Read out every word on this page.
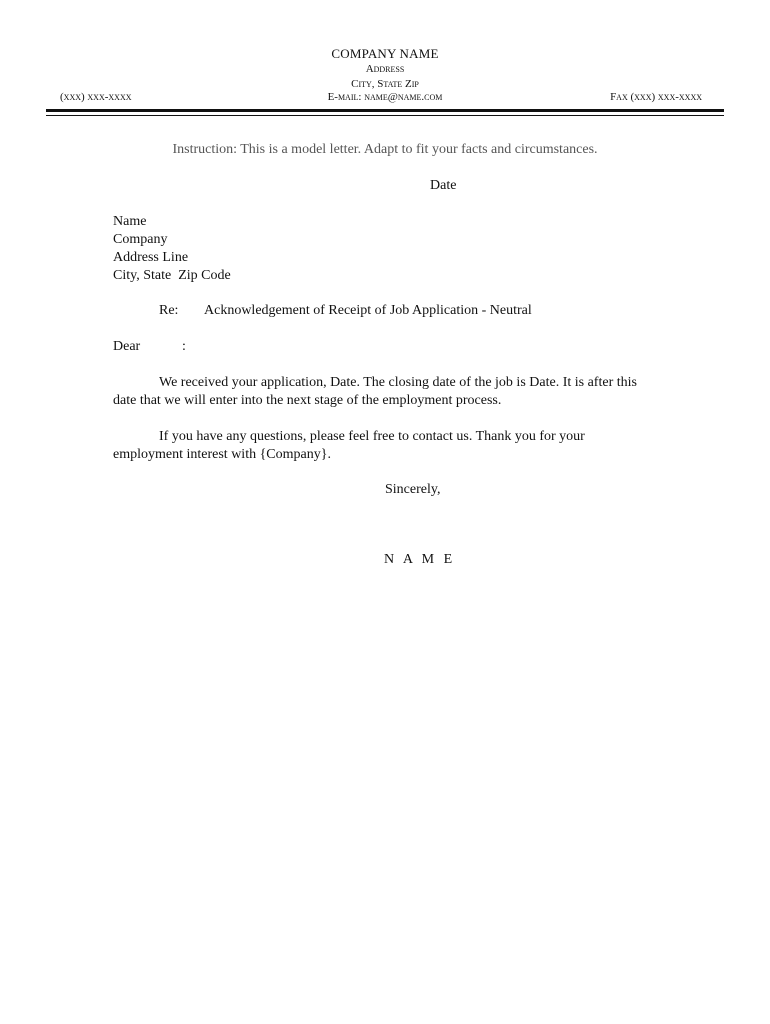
COMPANY NAME
Address
City, State Zip
(xxx) xxx-xxxx	E-mail: name@name.com	Fax (xxx) xxx-xxxx
Instruction: This is a model letter. Adapt to fit your facts and circumstances.
Date
Name
Company
Address Line
City, State  Zip Code
Re: Acknowledgement of Receipt of Job Application - Neutral
Dear	:
We received your application, Date. The closing date of the job is Date. It is after this date that we will enter into the next stage of the employment process.
If you have any questions, please feel free to contact us. Thank you for your employment interest with {Company}.
Sincerely,
N A M E
